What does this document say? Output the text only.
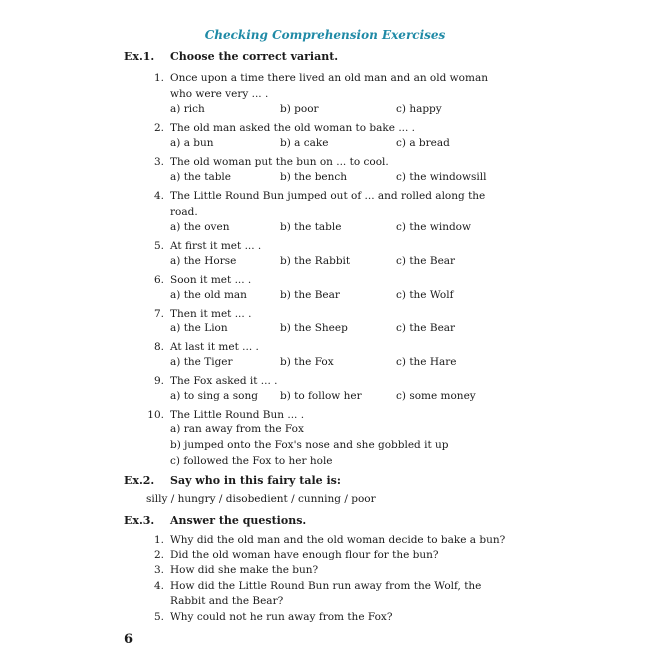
Checking Comprehension Exercises
Ex.1. Choose the correct variant.
1. Once upon a time there lived an old man and an old woman
who were very ... .
a) rich	b) poor	c) happy
2. The old man asked the old woman to bake ... .
a) a bun	b) a cake	c) a bread
3. The old woman put the bun on ... to cool.
a) the table	b) the bench	c) the windowsill
4. The Little Round Bun jumped out of ... and rolled along the
road.
a) the oven	b) the table	c) the window
5. At first it met ... .
a) the Horse	b) the Rabbit	c) the Bear
6. Soon it met ... .
a) the old man	b) the Bear	c) the Wolf
7. Then it met ... .
a) the Lion	b) the Sheep	c) the Bear
8. At last it met ... .
a) the Tiger	b) the Fox	c) the Hare
9. The Fox asked it ... .
a) to sing a song b) to follow her	c) some money
10. The Little Round Bun ... .
a) ran away from the Fox
b) jumped onto the Fox's nose and she gobbled it up
c) followed the Fox to her hole
Ex.2. Say who in this fairy tale is:
silly / hungry / disobedient / cunning / poor
Ex.3. Answer the questions.
1. Why did the old man and the old woman decide to bake a bun?
2. Did the old woman have enough flour for the bun?
3. How did she make the bun?
4. How did the Little Round Bun run away from the Wolf, the
Rabbit and the Bear?
5. Why could not he run away from the Fox?
6
